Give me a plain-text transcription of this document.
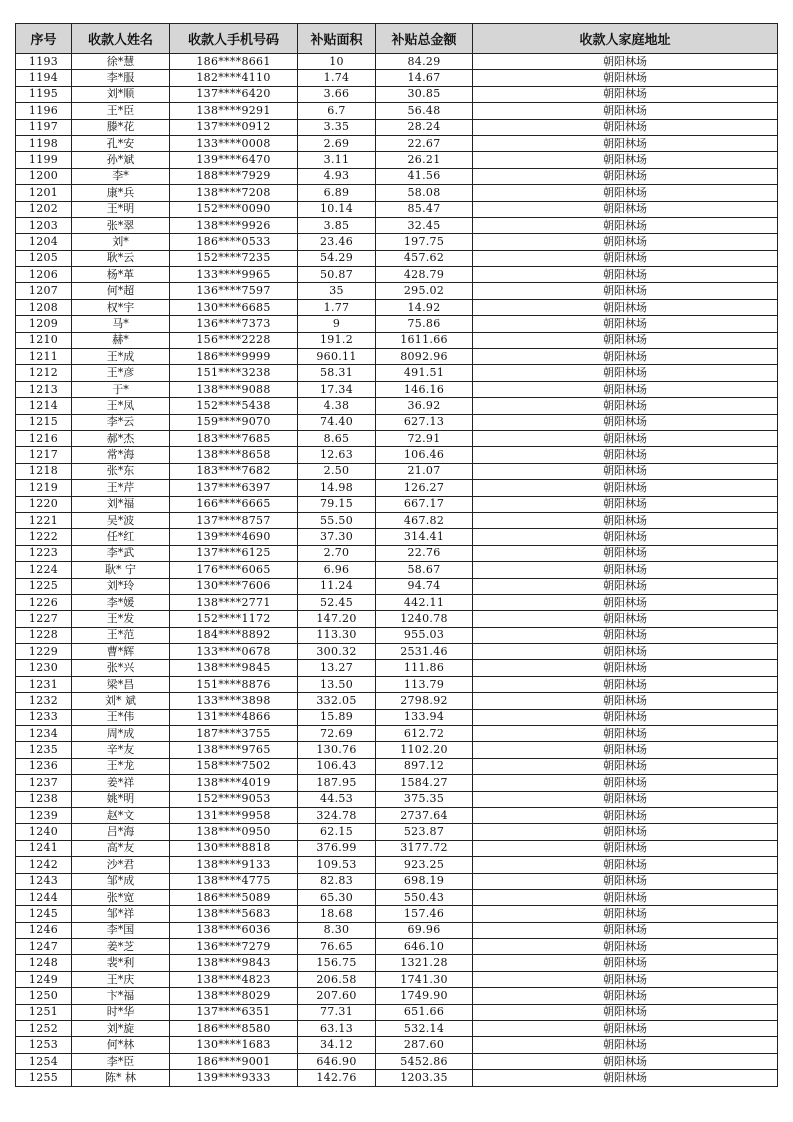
序号	收款人姓名	收款人手机号码	补贴面积	补贴总金额	收款人家庭地址
1193	徐*慧	186****8661	10	84.29	朝阳林场
1194	李*服	182****4110	1.74	14.67	朝阳林场
1195	刘*顺	137****6420	3.66	30.85	朝阳林场
1196	王*臣	138****9291	6.7	56.48	朝阳林场
1197	滕*花	137****0912	3.35	28.24	朝阳林场
1198	孔*安	133****0008	2.69	22.67	朝阳林场
1199	孙*斌	139****6470	3.11	26.21	朝阳林场
1200	李*	188****7929	4.93	41.56	朝阳林场
1201	康*兵	138****7208	6.89	58.08	朝阳林场
1202	王*明	152****0090	10.14	85.47	朝阳林场
1203	张*翠	138****9926	3.85	32.45	朝阳林场
1204	刘*	186****0533	23.46	197.75	朝阳林场
1205	耿*云	152****7235	54.29	457.62	朝阳林场
1206	杨*革	133****9965	50.87	428.79	朝阳林场
1207	何*超	136****7597	35	295.02	朝阳林场
1208	权*宇	130****6685	1.77	14.92	朝阳林场
1209	马*	136****7373	9	75.86	朝阳林场
1210	赫*	156****2228	191.2	1611.66	朝阳林场
1211	王*成	186****9999	960.11	8092.96	朝阳林场
1212	王*彦	151****3238	58.31	491.51	朝阳林场
1213	于*	138****9088	17.34	146.16	朝阳林场
1214	王*凤	152****5438	4.38	36.92	朝阳林场
1215	李*云	159****9070	74.40	627.13	朝阳林场
1216	郝*杰	183****7685	8.65	72.91	朝阳林场
1217	常*海	138****8658	12.63	106.46	朝阳林场
1218	张*东	183****7682	2.50	21.07	朝阳林场
1219	王*芹	137****6397	14.98	126.27	朝阳林场
1220	刘*福	166****6665	79.15	667.17	朝阳林场
1221	吴*波	137****8757	55.50	467.82	朝阳林场
1222	任*红	139****4690	37.30	314.41	朝阳林场
1223	李*武	137****6125	2.70	22.76	朝阳林场
1224	耿* 宁	176****6065	6.96	58.67	朝阳林场
1225	刘*玲	130****7606	11.24	94.74	朝阳林场
1226	李*媛	138****2771	52.45	442.11	朝阳林场
1227	王*发	152****1172	147.20	1240.78	朝阳林场
1228	王*范	184****8892	113.30	955.03	朝阳林场
1229	曹*辉	133****0678	300.32	2531.46	朝阳林场
1230	张*兴	138****9845	13.27	111.86	朝阳林场
1231	梁*昌	151****8876	13.50	113.79	朝阳林场
1232	刘* 斌	133****3898	332.05	2798.92	朝阳林场
1233	王*伟	131****4866	15.89	133.94	朝阳林场
1234	周*成	187****3755	72.69	612.72	朝阳林场
1235	辛*友	138****9765	130.76	1102.20	朝阳林场
1236	王*龙	158****7502	106.43	897.12	朝阳林场
1237	姜*祥	138****4019	187.95	1584.27	朝阳林场
1238	姚*明	152****9053	44.53	375.35	朝阳林场
1239	赵*文	131****9958	324.78	2737.64	朝阳林场
1240	吕*海	138****0950	62.15	523.87	朝阳林场
1241	高*友	130****8818	376.99	3177.72	朝阳林场
1242	沙*君	138****9133	109.53	923.25	朝阳林场
1243	邹*成	138****4775	82.83	698.19	朝阳林场
1244	张*宽	186****5089	65.30	550.43	朝阳林场
1245	邹*祥	138****5683	18.68	157.46	朝阳林场
1246	李*国	138****6036	8.30	69.96	朝阳林场
1247	姜*芝	136****7279	76.65	646.10	朝阳林场
1248	裴*利	138****9843	156.75	1321.28	朝阳林场
1249	王*庆	138****4823	206.58	1741.30	朝阳林场
1250	卞*福	138****8029	207.60	1749.90	朝阳林场
1251	时*华	137****6351	77.31	651.66	朝阳林场
1252	刘*旋	186****8580	63.13	532.14	朝阳林场
1253	何*林	130****1683	34.12	287.60	朝阳林场
1254	李*臣	186****9001	646.90	5452.86	朝阳林场
1255	陈* 林	139****9333	142.76	1203.35	朝阳林场
